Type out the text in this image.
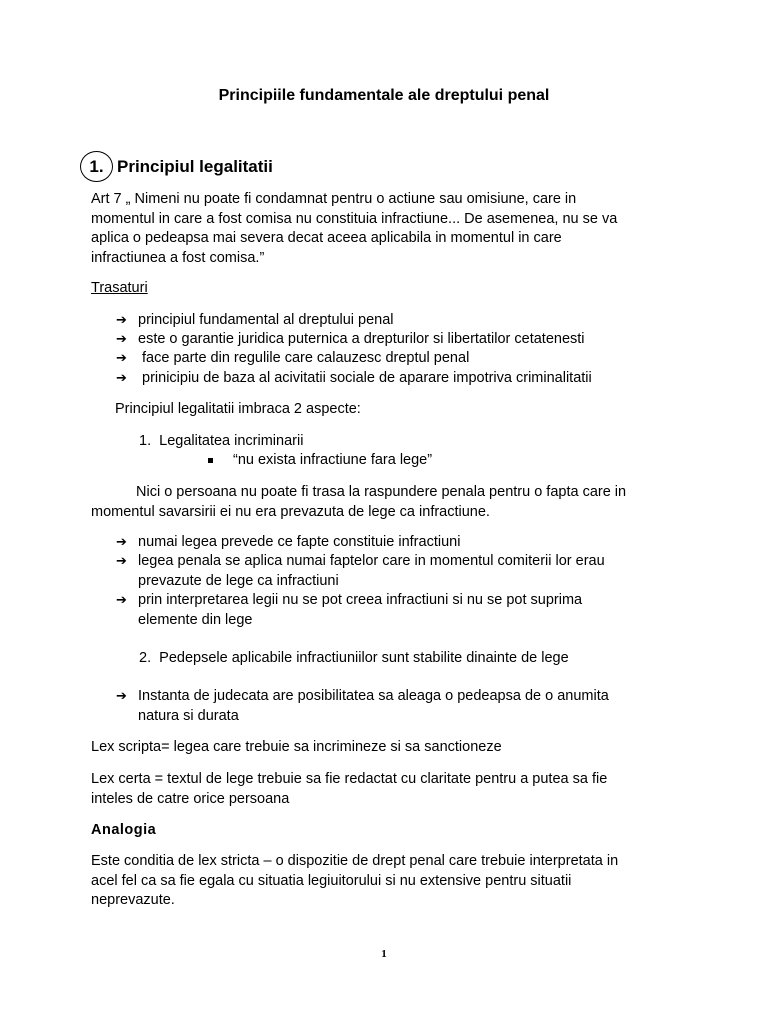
Principiile fundamentale ale dreptului penal
1. Principiul legalitatii
Art 7 „ Nimeni nu poate fi condamnat pentru o actiune sau omisiune, care in
momentul in care a fost comisa nu constituia infractiune... De asemenea, nu se va
aplica o pedeapsa mai severa decat aceea aplicabila in momentul in care
infractiunea a fost comisa.”
Trasaturi
➔ principiul fundamental al dreptului penal
➔ este o garantie juridica puternica a drepturilor si libertatilor cetatenesti
➔ face parte din regulile care calauzesc dreptul penal
➔ prinicipiu de baza al acivitatii sociale de aparare impotriva criminalitatii
Principiul legalitatii imbraca 2 aspecte:
1. Legalitatea incriminarii
“nu exista infractiune fara lege”
Nici o persoana nu poate fi trasa la raspundere penala pentru o fapta care in
momentul savarsirii ei nu era prevazuta de lege ca infractiune.
➔ numai legea prevede ce fapte constituie infractiuni
➔ legea penala se aplica numai faptelor care in momentul comiterii lor erau
prevazute de lege ca infractiuni
➔ prin interpretarea legii nu se pot creea infractiuni si nu se pot suprima
elemente din lege
2. Pedepsele aplicabile infractiuniilor sunt stabilite dinainte de lege
➔ Instanta de judecata are posibilitatea sa aleaga o pedeapsa de o anumita
natura si durata
Lex scripta= legea care trebuie sa incrimineze si sa sanctioneze
Lex certa = textul de lege trebuie sa fie redactat cu claritate pentru a putea sa fie
inteles de catre orice persoana
Analogia
Este conditia de lex stricta – o dispozitie de drept penal care trebuie interpretata in
acel fel ca sa fie egala cu situatia legiuitorului si nu extensive pentru situatii
neprevazute.
1
